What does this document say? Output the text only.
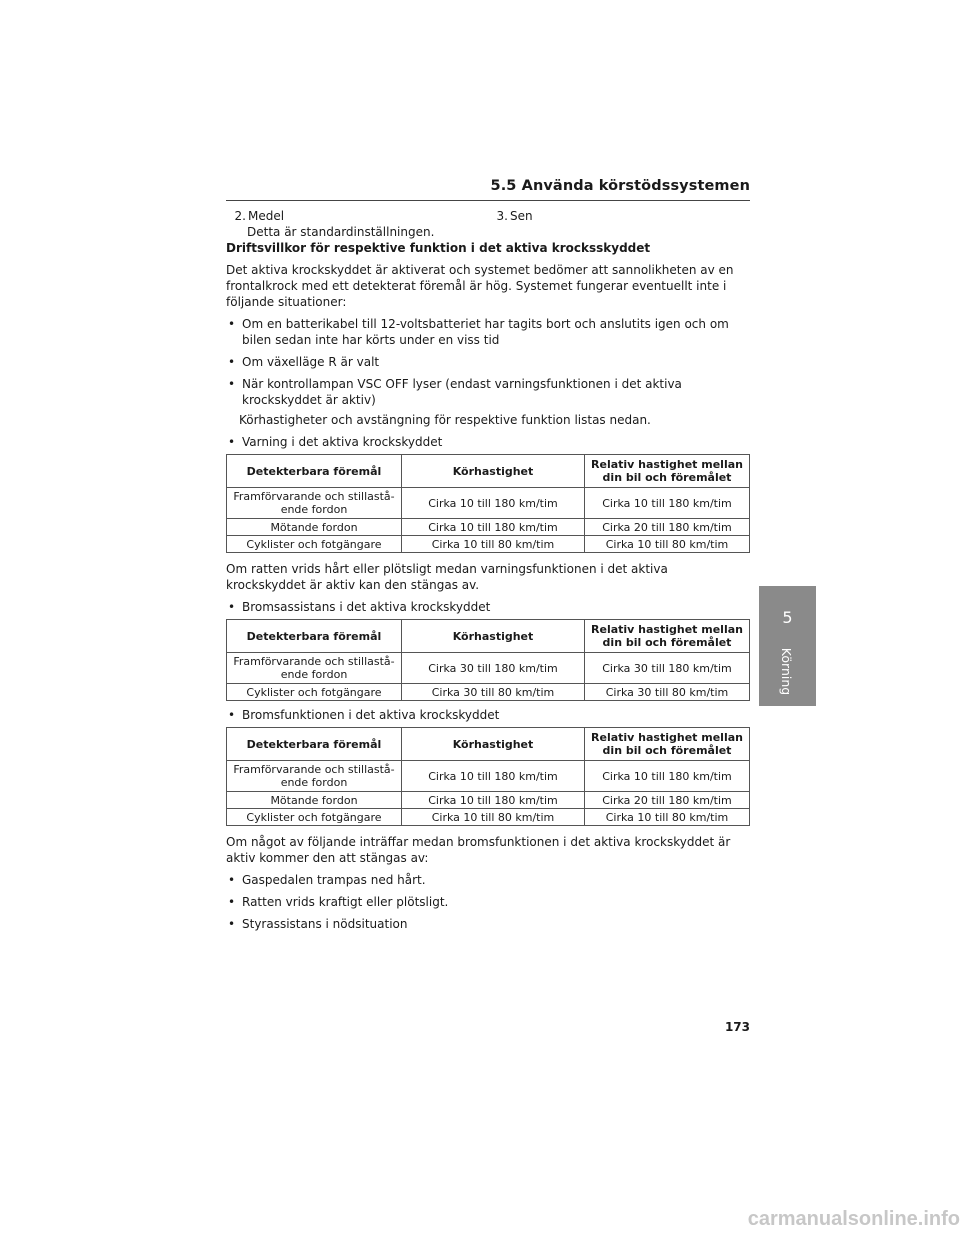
5.5 Använda körstödssystemen
2. Medel	3. Sen

Detta är standardinställningen.

Driftsvillkor för respektive funktion i det aktiva krocksskyddet

Det aktiva krockskyddet är aktiverat och systemet bedömer att sannolikheten av en frontalkrock med ett detekterat föremål är hög. Systemet fungerar eventuellt inte i följande situationer:

• Om en batterikabel till 12-voltsbatteriet har tagits bort och anslutits igen och om bilen sedan inte har körts under en viss tid
• Om växelläge R är valt
• När kontrollampan VSC OFF lyser (endast varningsfunktionen i det aktiva krockskyddet är aktiv)

Körhastigheter och avstängning för respektive funktion listas nedan.

• Varning i det aktiva krockskyddet
Detekterbara föremål	Körhastighet	Relativ hastighet mellan din bil och föremålet
Framförvarande och stillastå-ende fordon	Cirka 10 till 180 km/tim	Cirka 10 till 180 km/tim
Mötande fordon	Cirka 10 till 180 km/tim	Cirka 20 till 180 km/tim
Cyklister och fotgängare	Cirka 10 till 80 km/tim	Cirka 10 till 80 km/tim

Om ratten vrids hårt eller plötsligt medan varningsfunktionen i det aktiva krockskyddet är aktiv kan den stängas av.

• Bromsassistans i det aktiva krockskyddet
Detekterbara föremål	Körhastighet	Relativ hastighet mellan din bil och föremålet
Framförvarande och stillastå-ende fordon	Cirka 30 till 180 km/tim	Cirka 30 till 180 km/tim
Cyklister och fotgängare	Cirka 30 till 80 km/tim	Cirka 30 till 80 km/tim
• Bromsfunktionen i det aktiva krockskyddet
Detekterbara föremål	Körhastighet	Relativ hastighet mellan din bil och föremålet
Framförvarande och stillastå-ende fordon	Cirka 10 till 180 km/tim	Cirka 10 till 180 km/tim
Mötande fordon	Cirka 10 till 180 km/tim	Cirka 20 till 180 km/tim
Cyklister och fotgängare	Cirka 10 till 80 km/tim	Cirka 10 till 80 km/tim

Om något av följande inträffar medan bromsfunktionen i det aktiva krockskyddet är aktiv kommer den att stängas av:

• Gaspedalen trampas ned hårt.
• Ratten vrids kraftigt eller plötsligt.
• Styrassistans i nödsituation
5
Körning
173
carmanualsonline.info
